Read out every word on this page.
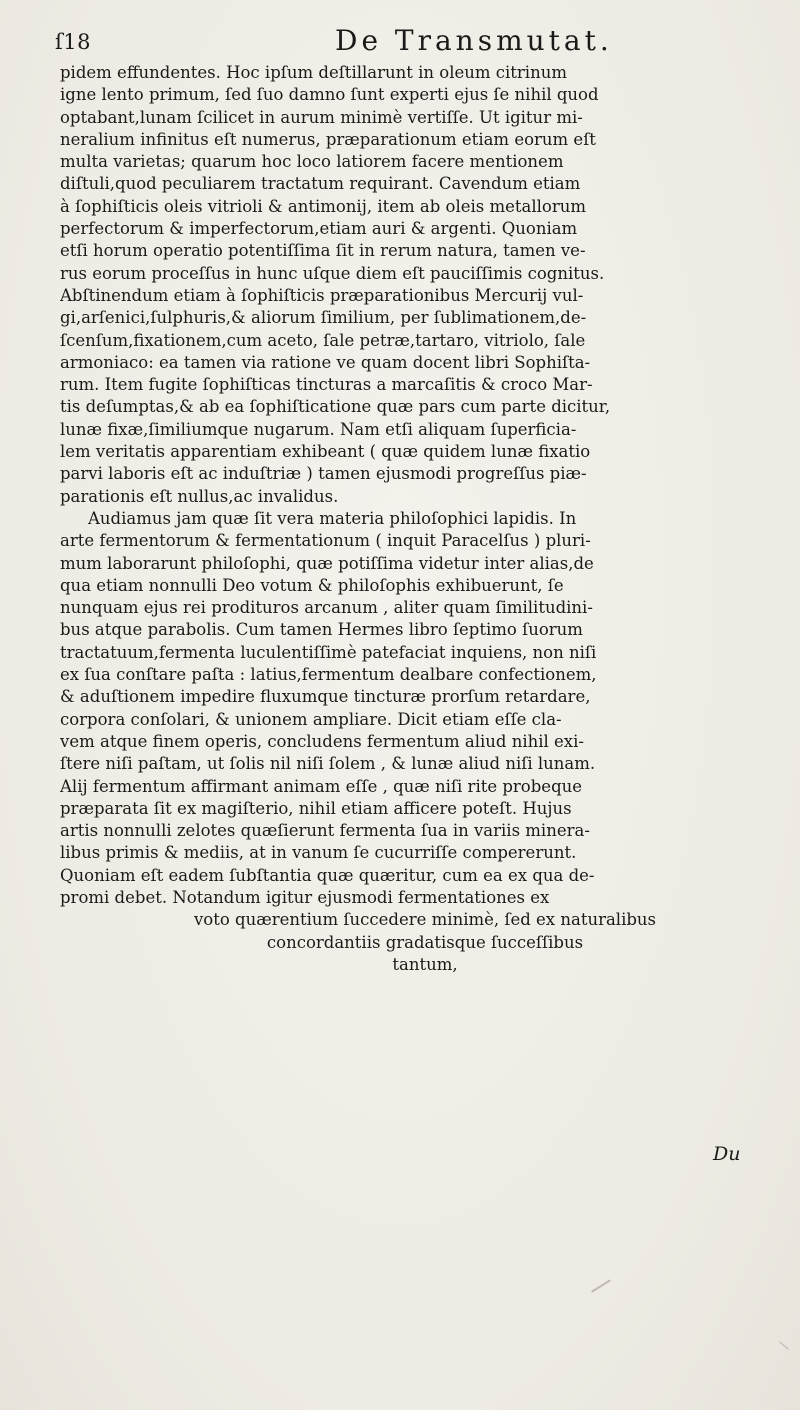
ſ18	De Transmutat.
pidem effundentes. Hoc ipſum deſtillarunt in oleum citrinum
igne lento primum, ſed ſuo damno ſunt experti ejus ſe nihil quod
optabant,lunam ſcilicet in aurum minimè vertiſſe. Ut igitur mi-
neralium infinitus eſt numerus, præparationum etiam eorum eſt
multa varietas; quarum hoc loco latiorem facere mentionem
diſtuli,quod peculiarem tractatum requirant. Cavendum etiam
à ſophiſticis oleis vitrioli & antimonij, item ab oleis metallorum
perfectorum & imperfectorum,etiam auri & argenti. Quoniam
etſi horum operatio potentiſſima ſit in rerum natura, tamen ve-
rus eorum proceſſus in hunc uſque diem eſt pauciſſimis cognitus.
Abſtinendum etiam à ſophiſticis præparationibus Mercurij vul-
gi,arſenici,ſulphuris,& aliorum ſimilium, per ſublimationem,de-
ſcenſum,fixationem,cum aceto, ſale petræ,tartaro, vitriolo, ſale
armoniaco: ea tamen via ratione ve quam docent libri Sophiſta-
rum. Item fugite ſophiſticas tincturas a marcaſitis & croco Mar-
tis deſumptas,& ab ea ſophiſticatione quæ pars cum parte dicitur,
lunæ fixæ,ſimiliumque nugarum. Nam etſi aliquam ſuperficia-
lem veritatis apparentiam exhibeant ( quæ quidem lunæ fixatio
parvi laboris eſt ac induſtriæ ) tamen ejusmodi progreſſus piæ-
parationis eſt nullus,ac invalidus.
Audiamus jam quæ ſit vera materia philoſophici lapidis. In
arte fermentorum & fermentationum ( inquit Paracelſus ) pluri-
mum laborarunt philoſophi, quæ potiſſima videtur inter alias,de
qua etiam nonnulli Deo votum & philoſophis exhibuerunt, ſe
nunquam ejus rei prodituros arcanum , aliter quam ſimilitudini-
bus atque parabolis. Cum tamen Hermes libro ſeptimo ſuorum
tractatuum,fermenta luculentiſſimè patefaciat inquiens, non niſi
ex ſua conſtare paſta : latius,fermentum dealbare confectionem,
& aduſtionem impedire fluxumque tincturæ prorſum retardare,
corpora conſolari, & unionem ampliare. Dicit etiam eſſe cla-
vem atque finem operis, concludens fermentum aliud nihil exi-
ſtere niſi paſtam, ut ſolis nil niſi ſolem , & lunæ aliud niſi lunam.
Alij fermentum affirmant animam eſſe , quæ niſi rite probeque
præparata ſit ex magiſterio, nihil etiam afficere poteſt. Hujus
artis nonnulli zelotes quæſierunt fermenta ſua in variis minera-
libus primis & mediis, at in vanum ſe cucurriſſe compererunt.
Quoniam eſt eadem ſubſtantia quæ quæritur, cum ea ex qua de-
promi debet. Notandum igitur ejusmodi fermentationes ex
voto quærentium ſuccedere minimè, ſed ex naturalibus
concordantiis gradatisque ſucceſſibus
tantum,
Du
